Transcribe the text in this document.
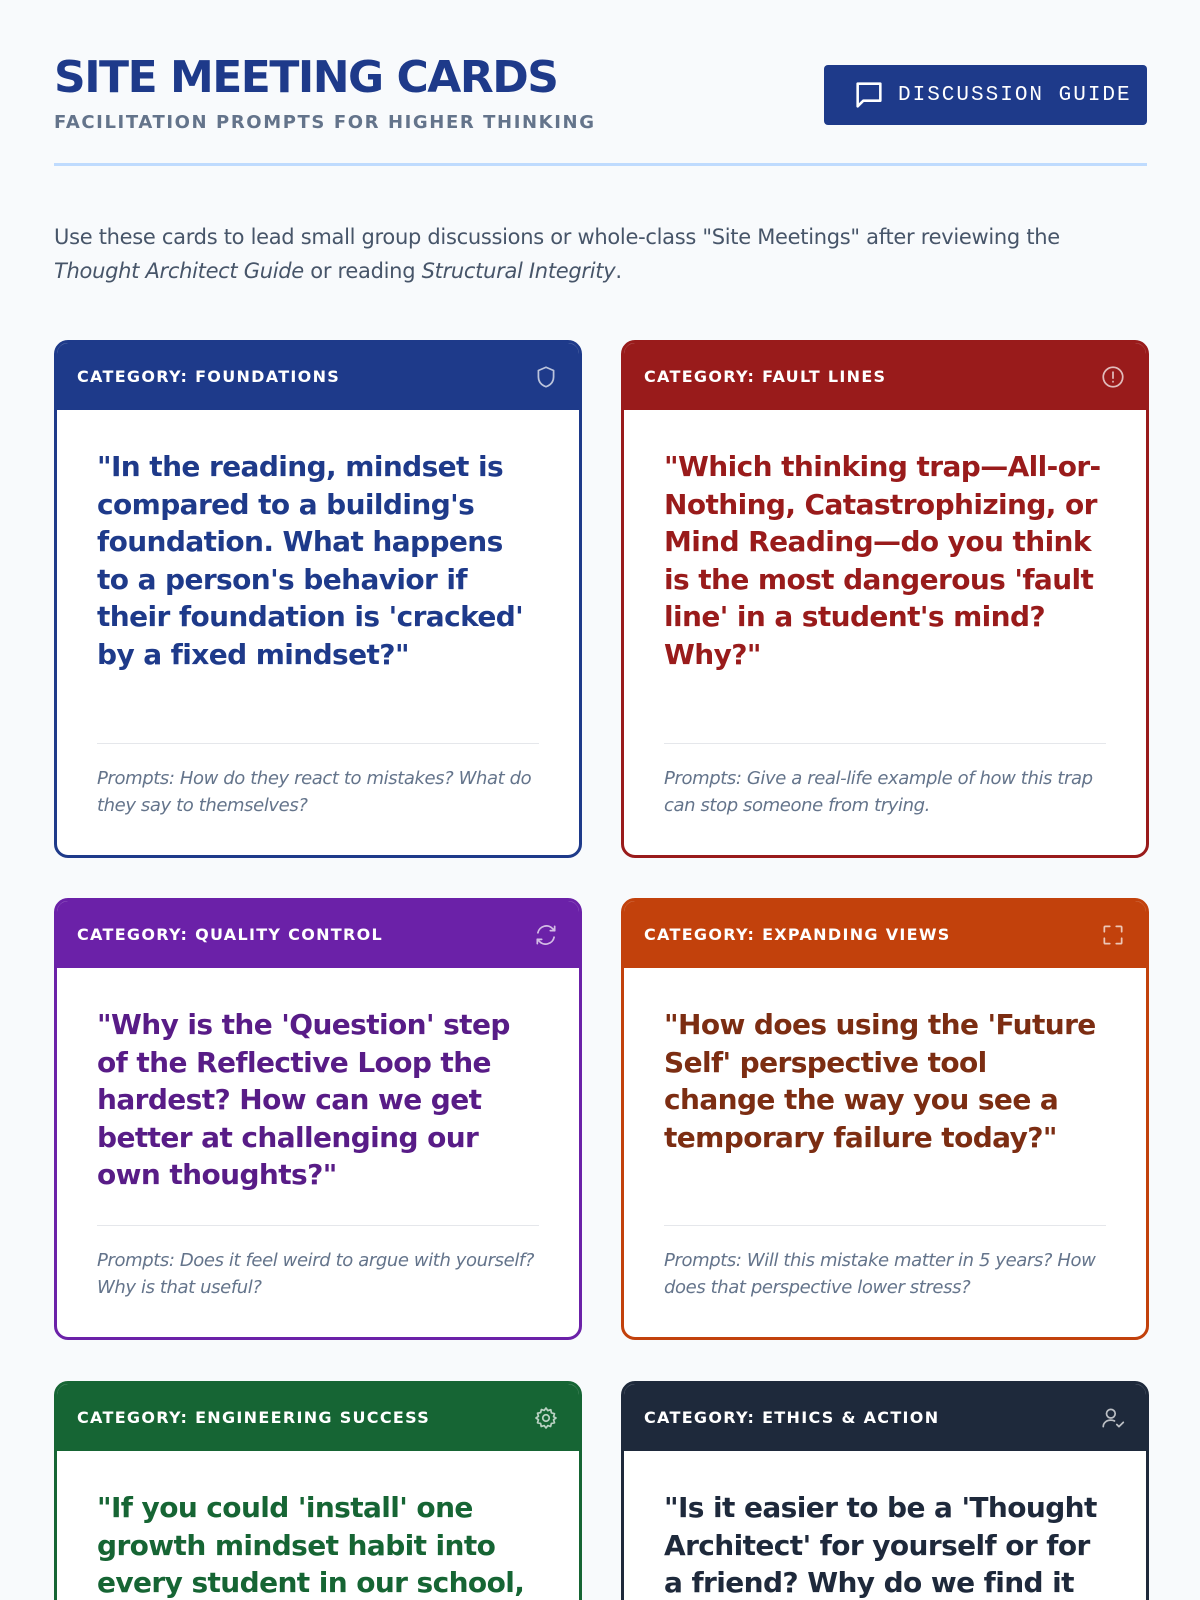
SITE MEETING CARDS
FACILITATION PROMPTS FOR HIGHER THINKING
DISCUSSION GUIDE

Use these cards to lead small group discussions or whole-class "Site Meetings" after reviewing the Thought Architect Guide or reading Structural Integrity.

CATEGORY: FOUNDATIONS
"In the reading, mindset is compared to a building's foundation. What happens to a person's behavior if their foundation is 'cracked' by a fixed mindset?"
Prompts: How do they react to mistakes? What do they say to themselves?
CATEGORY: FAULT LINES
"Which thinking trap—All-or-Nothing, Catastrophizing, or Mind Reading—do you think is the most dangerous 'fault line' in a student's mind? Why?"
Prompts: Give a real-life example of how this trap can stop someone from trying.
CATEGORY: QUALITY CONTROL
"Why is the 'Question' step of the Reflective Loop the hardest? How can we get better at challenging our own thoughts?"
Prompts: Does it feel weird to argue with yourself? Why is that useful?
CATEGORY: EXPANDING VIEWS
"How does using the 'Future Self' perspective tool change the way you see a temporary failure today?"
Prompts: Will this mistake matter in 5 years? How does that perspective lower stress?
CATEGORY: ENGINEERING SUCCESS
"If you could 'install' one growth mindset habit into every student in our school,
CATEGORY: ETHICS & ACTION
"Is it easier to be a 'Thought Architect' for yourself or for a friend? Why do we find it
